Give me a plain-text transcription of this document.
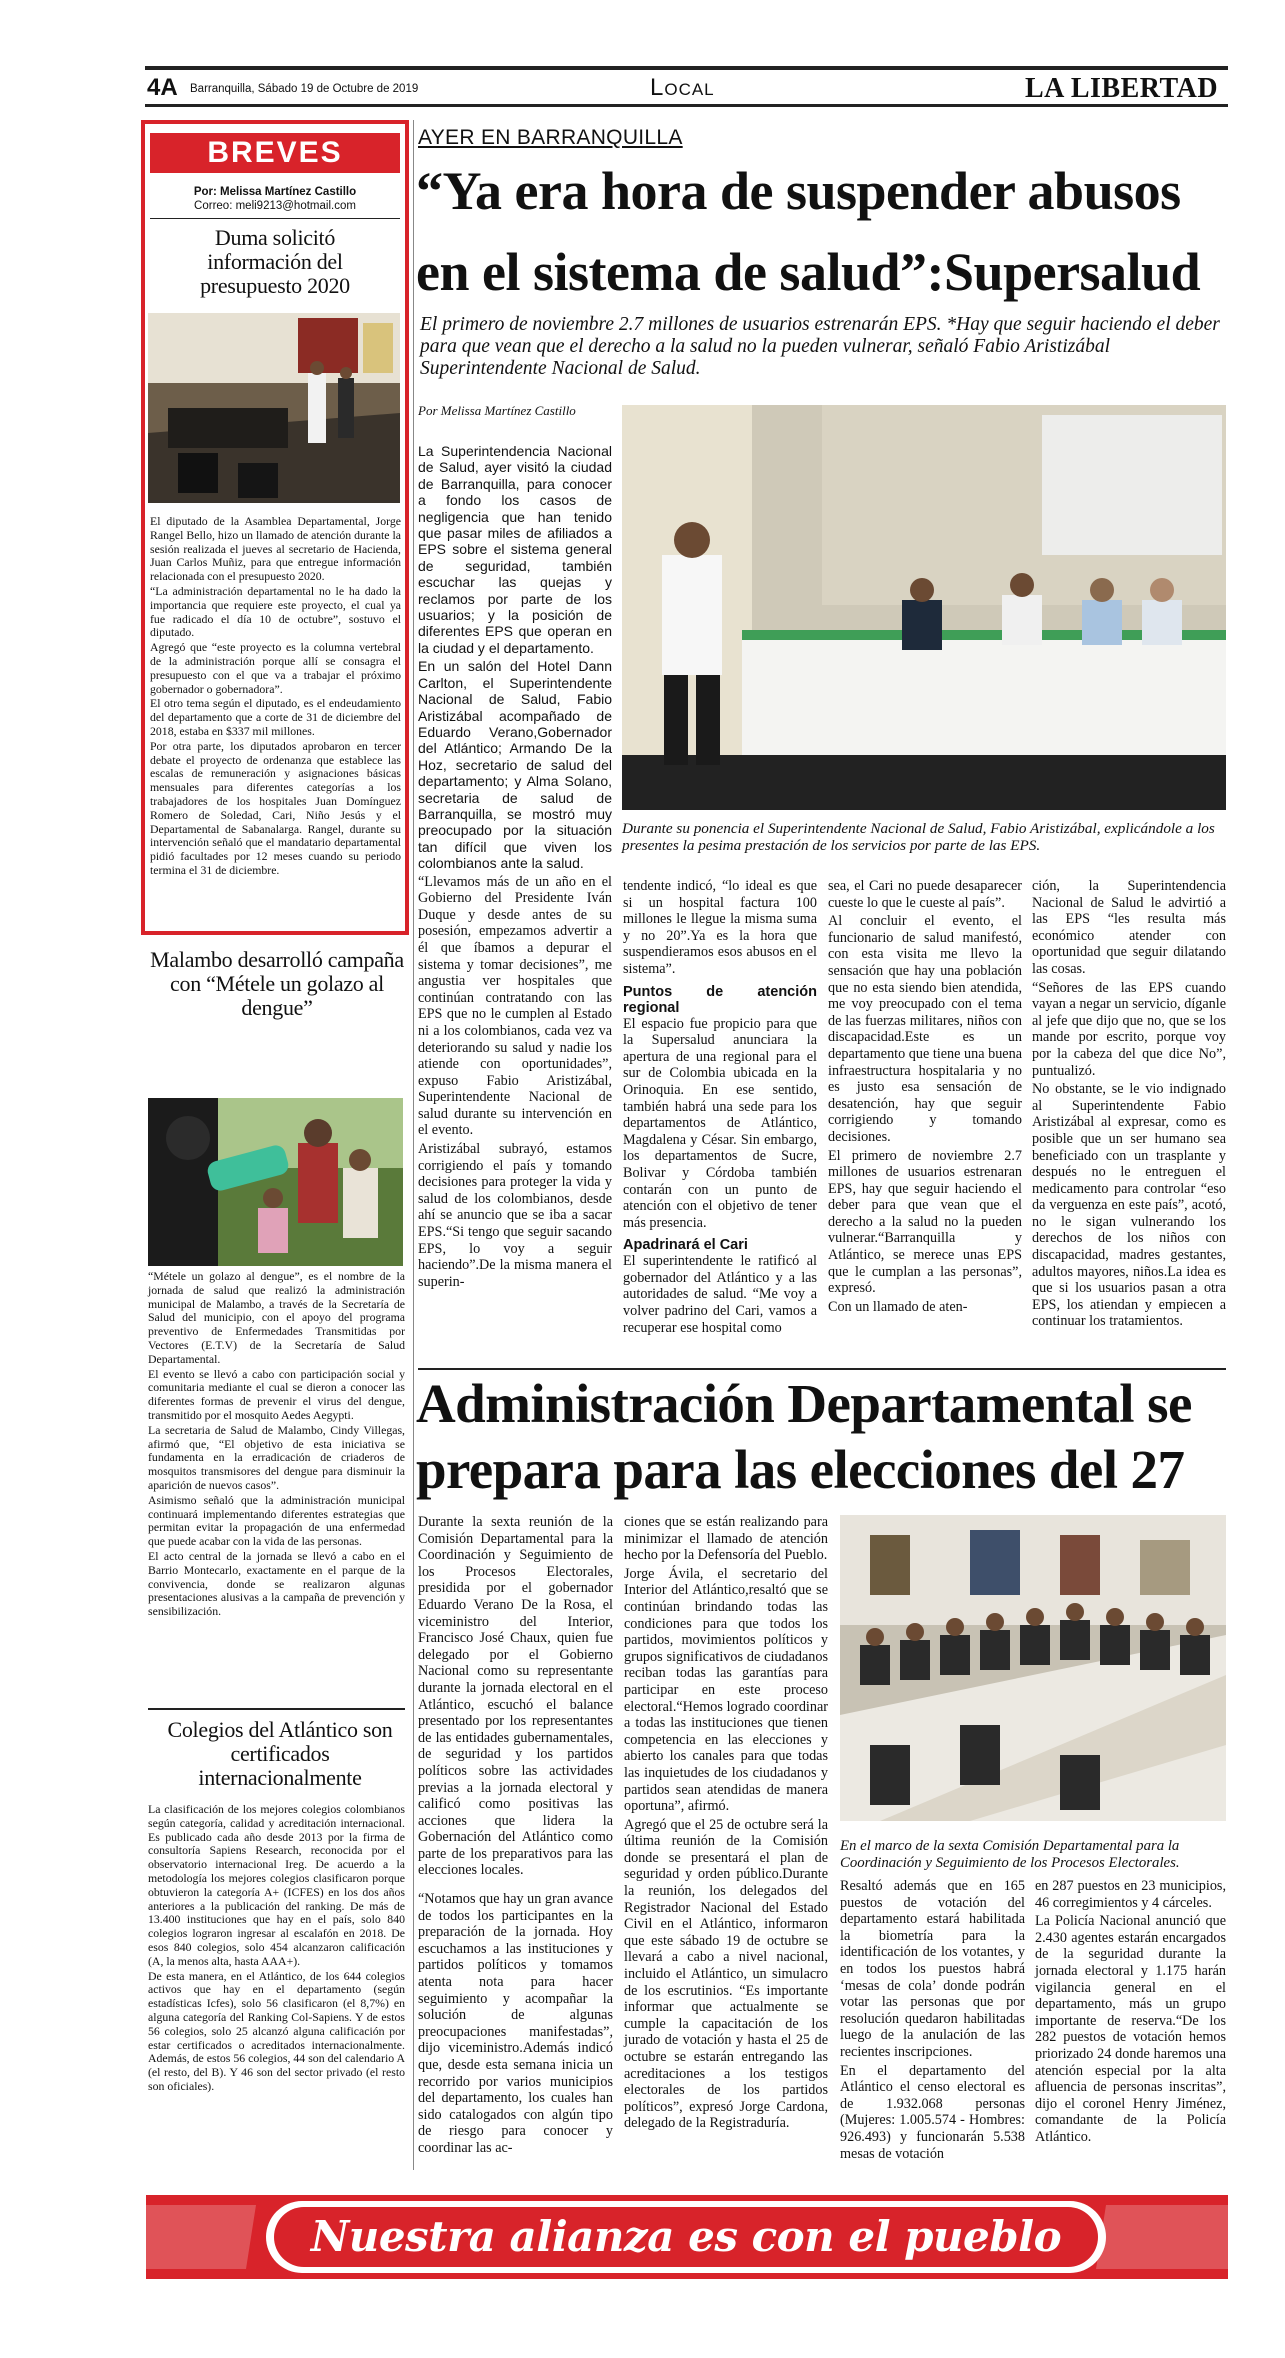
4A Barranquilla, Sábado 19 de Octubre de 2019	Local	LA LIBERTAD
BREVES
Por: Melissa Martínez Castillo
Correo: meli9213@hotmail.com
Duma solicitó información del presupuesto 2020

El diputado de la Asamblea Departamental, Jorge Rangel Bello, hizo un llamado de atención durante la sesión realizada el jueves al secretario de Hacienda, Juan Carlos Muñiz, para que entregue información relacionada con el presupuesto 2020.

“La administración departamental no le ha dado la importancia que requiere este proyecto, el cual ya fue radicado el día 10 de octubre”, sostuvo el diputado.

Agregó que “este proyecto es la columna vertebral de la administración porque allí se consagra el presupuesto con el que va a trabajar el próximo gobernador o gobernadora”.

El otro tema según el diputado, es el endeudamiento del departamento que a corte de 31 de diciembre del 2018, estaba en $337 mil millones.

Por otra parte, los diputados aprobaron en tercer debate el proyecto de ordenanza que establece las escalas de remuneración y asignaciones básicas mensuales para diferentes categorías a los trabajadores de los hospitales Juan Domínguez Romero de Soledad, Cari, Niño Jesús y el Departamental de Sabanalarga. Rangel, durante su intervención señaló que el mandatario departamental pidió facultades por 12 meses cuando su periodo termina el 31 de diciembre.

Malambo desarrolló campaña con “Métele un golazo al dengue”

“Métele un golazo al dengue”, es el nombre de la jornada de salud que realizó la administración municipal de Malambo, a través de la Secretaría de Salud del municipio, con el apoyo del programa preventivo de Enfermedades Transmitidas por Vectores (E.T.V) de la Secretaría de Salud Departamental.

El evento se llevó a cabo con participación social y comunitaria mediante el cual se dieron a conocer las diferentes formas de prevenir el virus del dengue, transmitido por el mosquito Aedes Aegypti.

La secretaria de Salud de Malambo, Cindy Villegas, afirmó que, “El objetivo de esta iniciativa se fundamenta en la erradicación de criaderos de mosquitos transmisores del dengue para disminuir la aparición de nuevos casos”.

Asimismo señaló que la administración municipal continuará implementando diferentes estrategias que permitan evitar la propagación de una enfermedad que puede acabar con la vida de las personas.

El acto central de la jornada se llevó a cabo en el Barrio Montecarlo, exactamente en el parque de la convivencia, donde se realizaron algunas presentaciones alusivas a la campaña de prevención y sensibilización.

Colegios del Atlántico son certificados internacionalmente

La clasificación de los mejores colegios colombianos según categoría, calidad y acreditación internacional. Es publicado cada año desde 2013 por la firma de consultoría Sapiens Research, reconocida por el observatorio internacional Ireg. De acuerdo a la metodología los mejores colegios clasificaron porque obtuvieron la categoría A+ (ICFES) en los dos años anteriores a la publicación del ranking. De más de 13.400 instituciones que hay en el país, solo 840 colegios lograron ingresar al escalafón en 2018. De esos 840 colegios, solo 454 alcanzaron calificación (A, la menos alta, hasta AAA+).

De esta manera, en el Atlántico, de los 644 colegios activos que hay en el departamento (según estadísticas Icfes), solo 56 clasificaron (el 8,7%) en alguna categoría del Ranking Col-Sapiens. Y de estos 56 colegios, solo 25 alcanzó alguna calificación por estar certificados o acreditados internacionalmente. Además, de estos 56 colegios, 44 son del calendario A (el resto, del B). Y 46 son del sector privado (el resto son oficiales).

AYER EN BARRANQUILLA
“Ya era hora de suspender abusos
en el sistema de salud”:Supersalud
El primero de noviembre 2.7 millones de usuarios estrenarán EPS. *Hay que seguir haciendo el deber para que vean que el derecho a la salud no la pueden vulnerar, señaló Fabio Aristizábal Superintendente Nacional de Salud.
Por Melissa Martínez Castillo
Durante su ponencia el Superintendente Nacional de Salud, Fabio Aristizábal, explicándole a los presentes la pesima prestación de los servicios por parte de las EPS.

La Superintendencia Nacional de Salud, ayer visitó la ciudad de Barranquilla, para conocer a fondo los casos de negligencia que han tenido que pasar miles de afiliados a EPS sobre el sistema general de seguridad, también escuchar las quejas y reclamos por parte de los usuarios; y la posición de diferentes EPS que operan en la ciudad y el departamento.

En un salón del Hotel Dann Carlton, el Superintendente Nacional de Salud, Fabio Aristizábal acompañado de Eduardo Verano,Gobernador del Atlántico; Armando De la Hoz, secretario de salud del departamento; y Alma Solano, secretaria de salud de Barranquilla, se mostró muy preocupado por la situación tan difícil que viven los colombianos ante la salud.

“Llevamos más de un año en el Gobierno del Presidente Iván Duque y desde antes de su posesión, empezamos advertir a él que íbamos a depurar el sistema y tomar decisiones”, me angustia ver hospitales que continúan contratando con las EPS que no le cumplen al Estado ni a los colombianos, cada vez va deteriorando su salud y nadie los atiende con oportunidades”, expuso Fabio Aristizábal, Superintendente Nacional de salud durante su intervención en el evento.

Aristizábal subrayó, estamos corrigiendo el país y tomando decisiones para proteger la vida y salud de los colombianos, desde ahí se anuncio que se iba a sacar EPS.“Si tengo que seguir sacando EPS, lo voy a seguir haciendo”.De la misma manera el superin-

tendente indicó, “lo ideal es que si un hospital factura 100 millones le llegue la misma suma y no 20”.Ya es la hora que suspendieramos esos abusos en el sistema”.

Puntos de atención regional

El espacio fue propicio para que la Supersalud anunciara la apertura de una regional para el sur de Colombia ubicada en la Orinoquia. En ese sentido, también habrá una sede para los departamentos de Atlántico, Magdalena y César. Sin embargo, los departamentos de Sucre, Bolivar y Córdoba también contarán con un punto de atención con el objetivo de tener más presencia.

Apadrinará el Cari

El superintendente le ratificó al gobernador del Atlántico y a las autoridades de salud. “Me voy a volver padrino del Cari, vamos a recuperar ese hospital como

sea, el Cari no puede desaparecer cueste lo que le cueste al país”.

Al concluir el evento, el funcionario de salud manifestó, con esta visita me llevo la sensación que hay una población que no esta siendo bien atendida, me voy preocupado con el tema de las fuerzas militares, niños con discapacidad.Este es un departamento que tiene una buena infraestructura hospitalaria y no es justo esa sensación de desatención, hay que seguir corrigiendo y tomando decisiones.

El primero de noviembre 2.7 millones de usuarios estrenaran EPS, hay que seguir haciendo el deber para que vean que el derecho a la salud no la pueden vulnerar.“Barranquilla y Atlántico, se merece unas EPS que le cumplan a las personas”, expresó.

Con un llamado de aten-

ción, la Superintendencia Nacional de Salud le advirtió a las EPS “les resulta más económico atender con oportunidad que seguir dilatando las cosas.

“Señores de las EPS cuando vayan a negar un servicio, díganle al jefe que dijo que no, que se los mande por escrito, porque voy por la cabeza del que dice No”, puntualizó.

No obstante, se le vio indignado al Superintendente Fabio Aristizábal al expresar, como es posible que un ser humano sea beneficiado con un trasplante y después no le entreguen el medicamento para controlar “eso da verguenza en este país”, acotó, no le sigan vulnerando los derechos de los niños con discapacidad, madres gestantes, adultos mayores, niños.La idea es que si los usuarios pasan a otra EPS, los atiendan y empiecen a continuar los tratamientos.

Administración Departamental se
prepara para las elecciones del 27
En el marco de la sexta Comisión Departamental para la Coordinación y Seguimiento de los Procesos Electorales.

Durante la sexta reunión de la Comisión Departamental para la Coordinación y Seguimiento de los Procesos Electorales, presidida por el gobernador Eduardo Verano De la Rosa, el viceministro del Interior, Francisco José Chaux, quien fue delegado por el Gobierno Nacional como su representante durante la jornada electoral en el Atlántico, escuchó el balance presentado por los representantes de las entidades gubernamentales, de seguridad y los partidos políticos sobre las actividades previas a la jornada electoral y calificó como positivas las acciones que lidera la Gobernación del Atlántico como parte de los preparativos para las elecciones locales.

“Notamos que hay un gran avance de todos los participantes en la preparación de la jornada. Hoy escuchamos a las instituciones y partidos políticos y tomamos atenta nota para hacer seguimiento y acompañar la solución de algunas preocupaciones manifestadas”, dijo viceministro.Además indicó que, desde esta semana inicia un recorrido por varios municipios del departamento, los cuales han sido catalogados con algún tipo de riesgo para conocer y coordinar las ac-

ciones que se están realizando para minimizar el llamado de atención hecho por la Defensoría del Pueblo.

Jorge Ávila, el secretario del Interior del Atlántico,resaltó que se continúan brindando todas las condiciones para que todos los partidos, movimientos políticos y grupos significativos de ciudadanos reciban todas las garantías para participar en este proceso electoral.“Hemos logrado coordinar a todas las instituciones que tienen competencia en las elecciones y abierto los canales para que todas las inquietudes de los ciudadanos y partidos sean atendidas de manera oportuna”, afirmó.

Agregó que el 25 de octubre será la última reunión de la Comisión donde se presentará el plan de seguridad y orden público.Durante la reunión, los delegados del Registrador Nacional del Estado Civil en el Atlántico, informaron que este sábado 19 de octubre se llevará a cabo a nivel nacional, incluido el Atlántico, un simulacro de los escrutinios. “Es importante informar que actualmente se cumple la capacitación de los jurado de votación y hasta el 25 de octubre se estarán entregando las acreditaciones a los testigos electorales de los partidos políticos”, expresó Jorge Cardona, delegado de la Registraduría.

Resaltó además que en 165 puestos de votación del departamento estará habilitada la biometría para la identificación de los votantes, y en todos los puestos habrá ‘mesas de cola’ donde podrán votar las personas que por resolución quedaron habilitadas luego de la anulación de las recientes inscripciones.

En el departamento del Atlántico el censo electoral es de 1.932.068 personas (Mujeres: 1.005.574 - Hombres: 926.493) y funcionarán 5.538 mesas de votación

en 287 puestos en 23 municipios, 46 corregimientos y 4 cárceles.

La Policía Nacional anunció que 2.430 agentes estarán encargados de la seguridad durante la jornada electoral y 1.175 harán vigilancia general en el departamento, más un grupo importante de reserva.“De los 282 puestos de votación hemos priorizado 24 donde haremos una atención especial por la alta afluencia de personas inscritas”, dijo el coronel Henry Jiménez, comandante de la Policía Atlántico.

Nuestra alianza es con el pueblo
